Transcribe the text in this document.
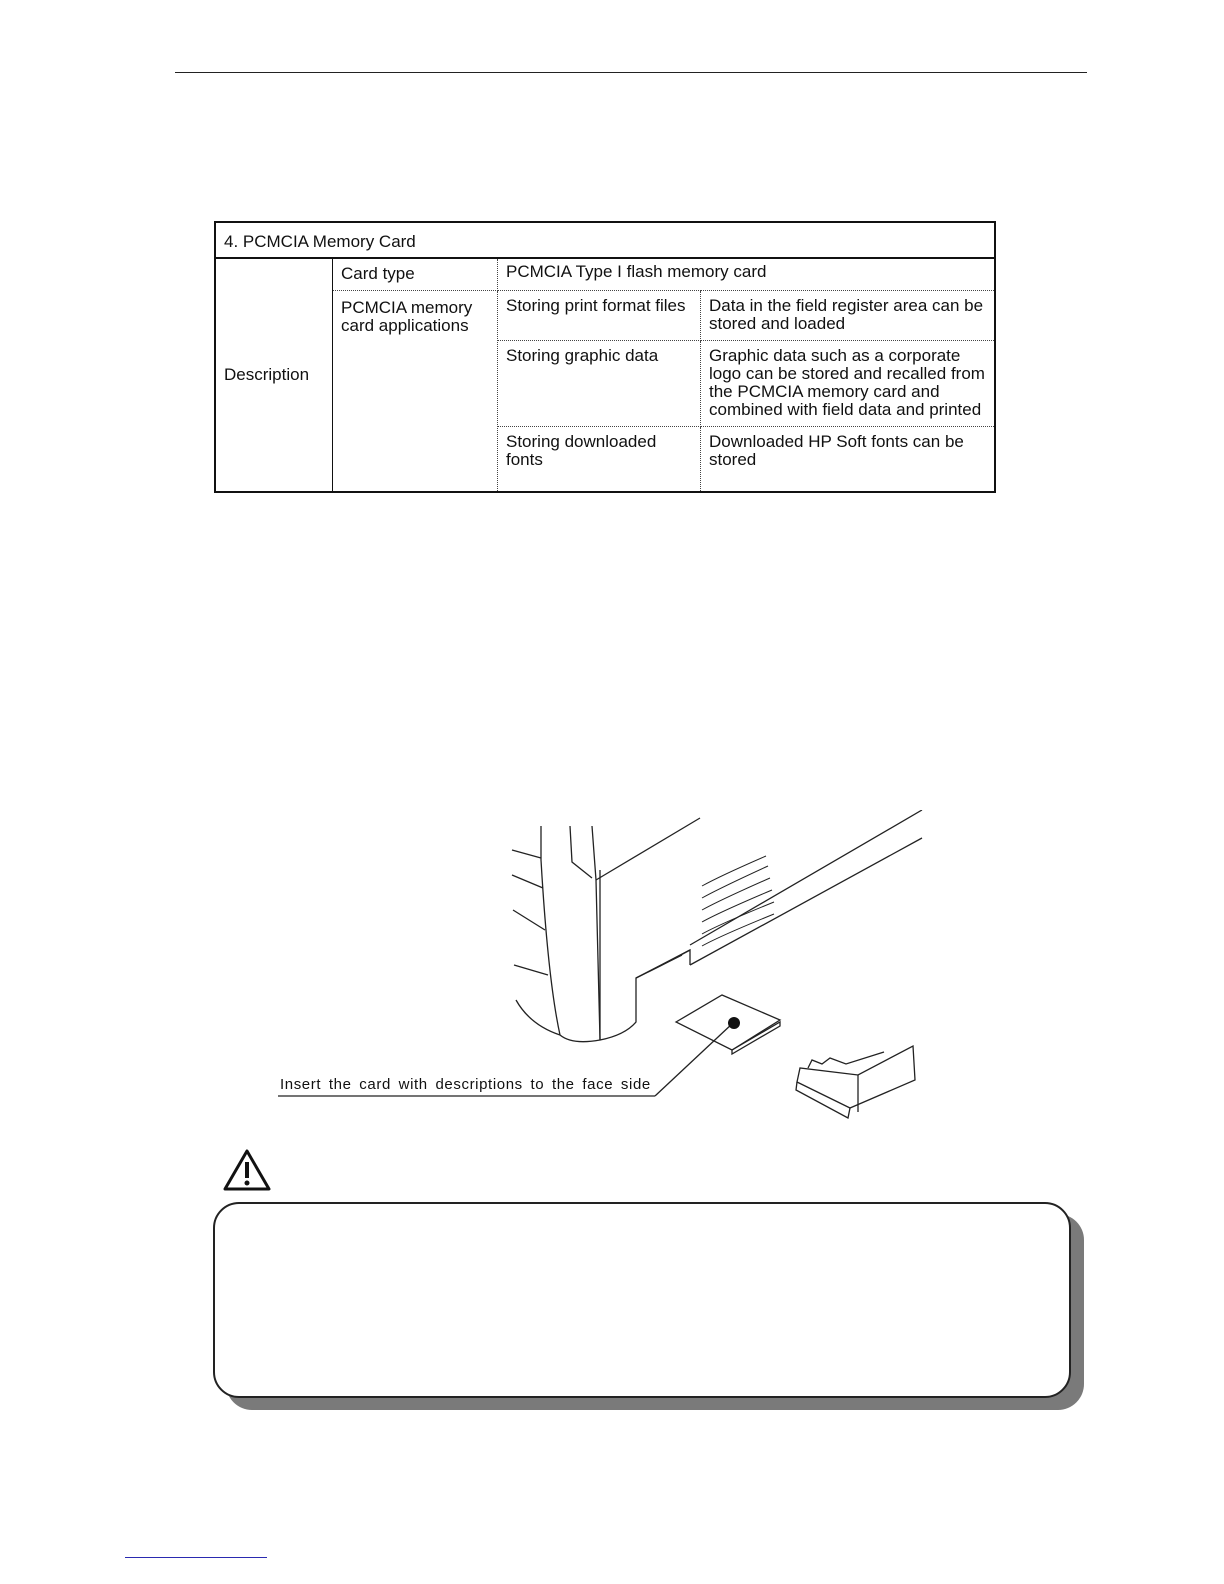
4. PCMCIA Memory Card			
Description	Card type	PCMCIA Type I flash memory card	
	PCMCIA memory card applications	Storing print format files	Data in the field register area can be stored and loaded
		Storing graphic data	Graphic data such as a corporate logo can be stored and recalled from the PCMCIA memory card and combined with field data and printed
		Storing downloaded fonts	Downloaded HP Soft fonts can be stored
Insert the card with descriptions to the face side
